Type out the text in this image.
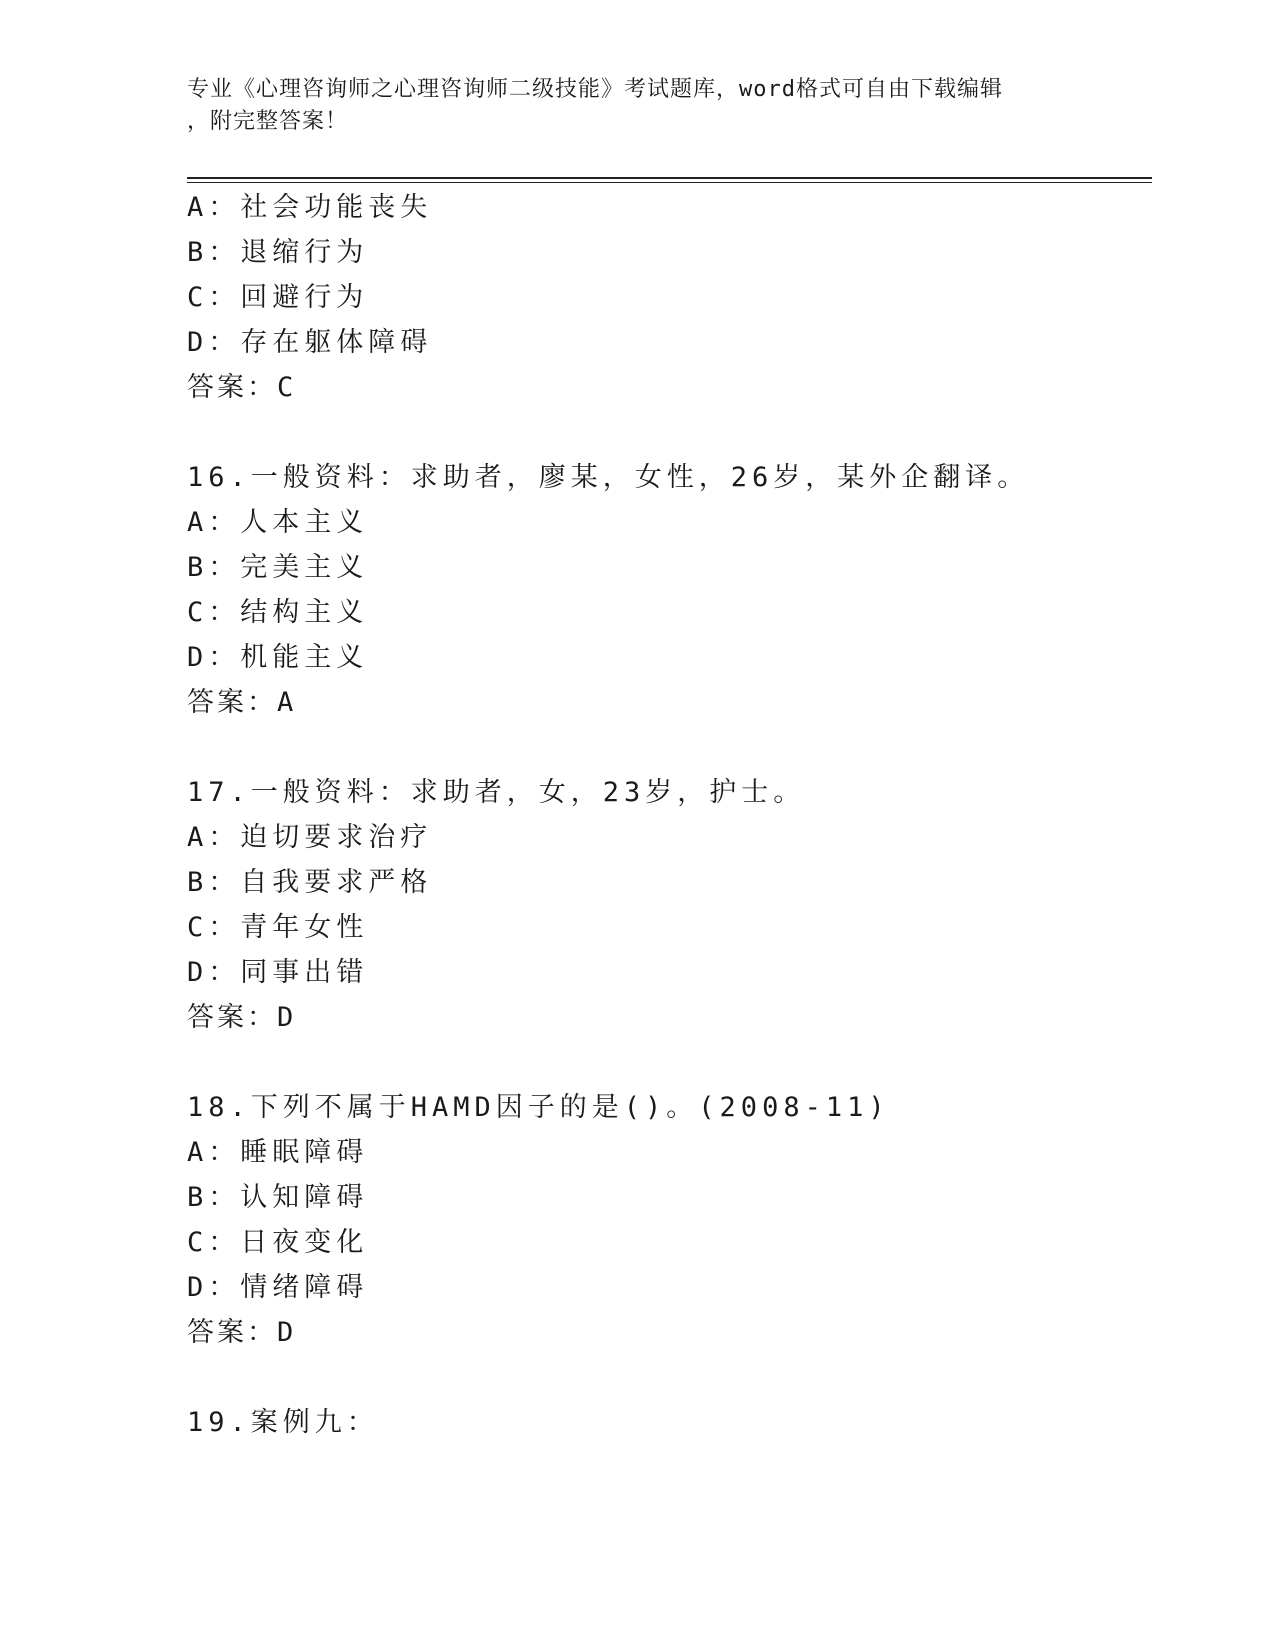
专业《心理咨询师之心理咨询师二级技能》考试题库，word格式可自由下载编辑
，附完整答案！
A：社会功能丧失
B：退缩行为
C：回避行为
D：存在躯体障碍
答案：C
16.一般资料：求助者，廖某，女性，26岁，某外企翻译。
A：人本主义
B：完美主义
C：结构主义
D：机能主义
答案：A
17.一般资料：求助者，女，23岁，护士。
A：迫切要求治疗
B：自我要求严格
C：青年女性
D：同事出错
答案：D
18.下列不属于HAMD因子的是()。(2008-11)
A：睡眠障碍
B：认知障碍
C：日夜变化
D：情绪障碍
答案：D
19.案例九：
